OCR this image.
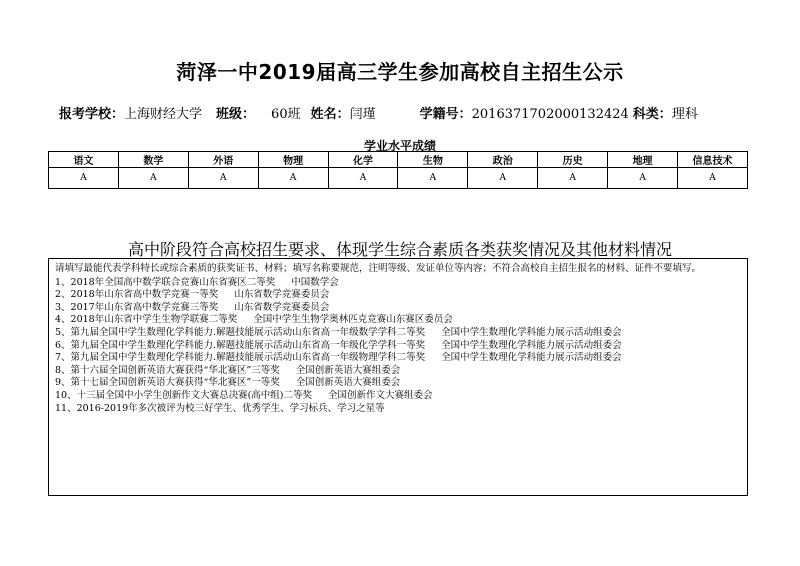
菏泽一中2019届高三学生参加高校自主招生公示
报考学校：上海财经大学 班级： 60班 姓名：闫瑾	学籍号：2016371702000132424 科类：理科
学业水平成绩
语文	数学	外语	物理	化学	生物	政治	历史	地理	信息技术
A	A	A	A	A	A	A	A	A	A
高中阶段符合高校招生要求、体现学生综合素质各类获奖情况及其他材料情况
请填写最能代表学科特长或综合素质的获奖证书、材料；填写名称要规范，注明等级、发证单位等内容；不符合高校自主招生报名的材料、证件不要填写。
1、2018年全国高中数学联合竞赛山东省赛区二等奖 中国数学会
2、2018年山东省高中数学竞赛一等奖 山东省数学竞赛委员会
3、2017年山东省高中数学竞赛三等奖 山东省数学竞赛委员会
4、2018年山东省中学生生物学联赛二等奖 全国中学生生物学奥林匹克竞赛山东赛区委员会
5、第九届全国中学生数理化学科能力.解题技能展示活动山东省高一年级数学学科二等奖 全国中学生数理化学科能力展示活动组委会
6、第九届全国中学生数理化学科能力.解题技能展示活动山东省高一年级化学学科一等奖 全国中学生数理化学科能力展示活动组委会
7、第九届全国中学生数理化学科能力.解题技能展示活动山东省高一年级物理学科二等奖 全国中学生数理化学科能力展示活动组委会
8、第十六届全国创新英语大赛获得“华北赛区”三等奖 全国创新英语大赛组委会
9、第十七届全国创新英语大赛获得“华北赛区”一等奖 全国创新英语大赛组委会
10、十三届全国中小学生创新作文大赛总决赛(高中组)二等奖 全国创新作文大赛组委会
11、2016-2019年多次被评为校三好学生、优秀学生、学习标兵、学习之星等
